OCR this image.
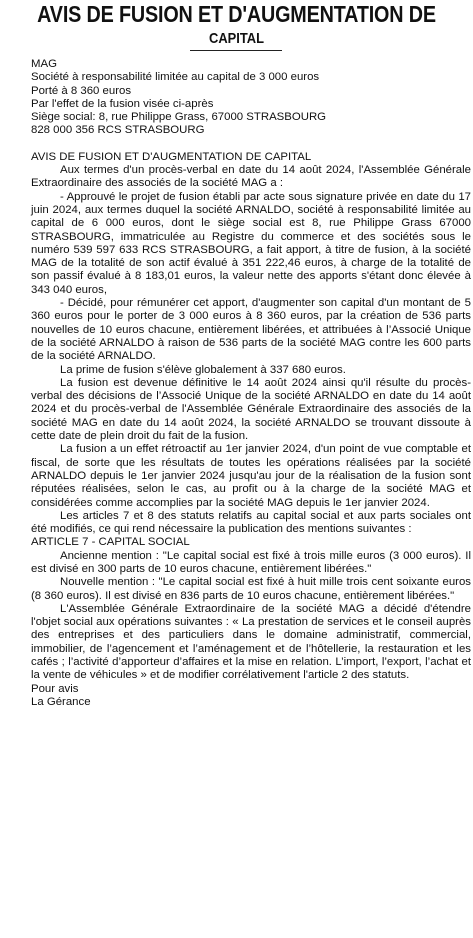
AVIS DE FUSION ET D'AUGMENTATION DE
CAPITAL

MAG

Société à responsabilité limitée au capital de 3 000 euros

Porté à 8 360 euros

Par l'effet de la fusion visée ci-après

Siège social: 8, rue Philippe Grass, 67000 STRASBOURG

828 000 356 RCS STRASBOURG

AVIS DE FUSION ET D'AUGMENTATION DE CAPITAL

Aux termes d'un procès-verbal en date du 14 août 2024, l'Assemblée Générale Extraordinaire des associés de la société MAG a :

- Approuvé le projet de fusion établi par acte sous signature privée en date du 17 juin 2024, aux termes duquel la société ARNALDO, société à responsabilité limitée au capital de 6 000 euros, dont le siège social est 8, rue Philippe Grass 67000 STRASBOURG, immatriculée au Registre du commerce et des sociétés sous le numéro 539 597 633 RCS STRASBOURG, a fait apport, à titre de fusion, à la société MAG de la totalité de son actif évalué à 351 222,46 euros, à charge de la totalité de son passif évalué à 8 183,01 euros, la valeur nette des apports s'étant donc élevée à 343 040 euros,

- Décidé, pour rémunérer cet apport, d'augmenter son capital d'un montant de 5 360 euros pour le porter de 3 000 euros à 8 360 euros, par la création de 536 parts nouvelles de 10 euros chacune, entièrement libérées, et attribuées à l’Associé Unique de la société ARNALDO à raison de 536 parts de la société MAG contre les 600 parts de la société ARNALDO.

La prime de fusion s'élève globalement à 337 680 euros.

La fusion est devenue définitive le 14 août 2024 ainsi qu'il résulte du procès-verbal des décisions de l’Associé Unique de la société ARNALDO en date du 14 août 2024 et du procès-verbal de l'Assemblée Générale Extraordinaire des associés de la société MAG en date du 14 août 2024, la société ARNALDO se trouvant dissoute à cette date de plein droit du fait de la fusion.

La fusion a un effet rétroactif au 1er janvier 2024, d'un point de vue comptable et fiscal, de sorte que les résultats de toutes les opérations réalisées par la société ARNALDO depuis le 1er janvier 2024 jusqu'au jour de la réalisation de la fusion sont réputées réalisées, selon le cas, au profit ou à la charge de la société MAG et considérées comme accomplies par la société MAG depuis le 1er janvier 2024.

Les articles 7 et 8 des statuts relatifs au capital social et aux parts sociales ont été modifiés, ce qui rend nécessaire la publication des mentions suivantes :

ARTICLE 7 - CAPITAL SOCIAL

Ancienne mention : "Le capital social est fixé à trois mille euros (3 000 euros). Il est divisé en 300 parts de 10 euros chacune, entièrement libérées."

Nouvelle mention : "Le capital social est fixé à huit mille trois cent soixante euros (8 360 euros). Il est divisé en 836 parts de 10 euros chacune, entièrement libérées."

L'Assemblée Générale Extraordinaire de la société MAG a décidé d'étendre l'objet social aux opérations suivantes : « La prestation de services et le conseil auprès des entreprises et des particuliers dans le domaine administratif, commercial, immobilier, de l’agencement et l’aménagement et de l’hôtellerie, la restauration et les cafés ; l’activité d’apporteur d’affaires et la mise en relation. L’import, l’export, l’achat et la vente de véhicules » et de modifier corrélativement l'article 2 des statuts.

Pour avis

La Gérance
